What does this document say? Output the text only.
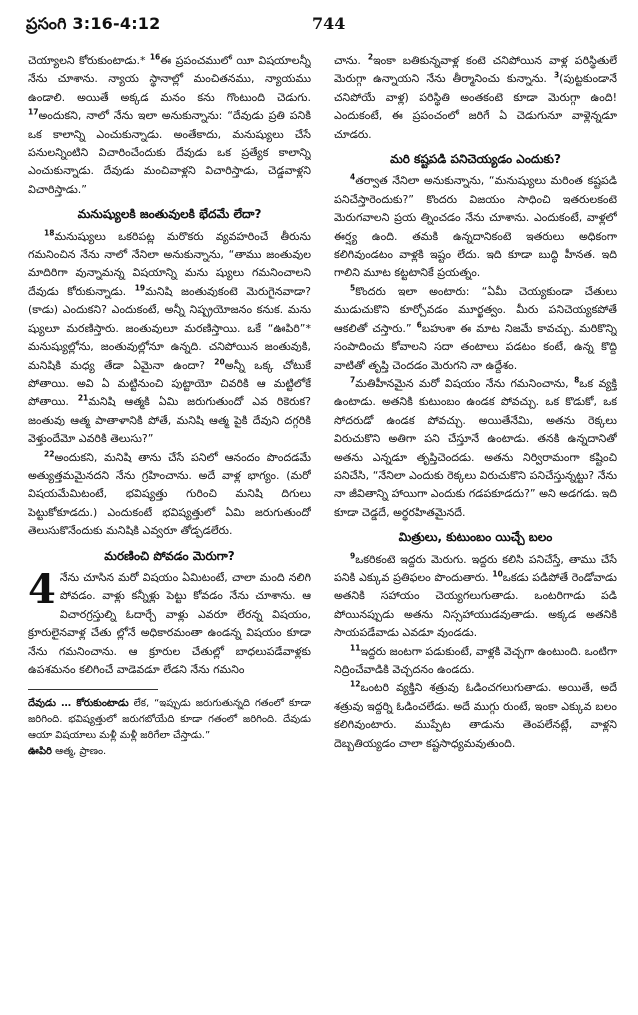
ప్రసంగి 3:16-4:12	744

చెయ్యాలని కోరుకుంటాడు.* $^{16}$ఈ ప్రపంచములో యీ విషయాలన్నీ నేను చూశాను. న్యాయ స్థానాల్లో మంచితనము, న్యాయము ఉండాలి. అయితే అక్కడ మనం కను గొంటుంది చెడుగు. $^{17}$అందుకని, నాలో నేను ఇలా అనుకున్నాను: “దేవుడు ప్రతి పనికి ఒక కాలాన్ని ఎంచుకున్నాడు. అంతేకాదు, మనుష్యులు చేసే పనులన్నింటిని విచారించేందుకు దేవుడు ఒక ప్రత్యేక కాలాన్ని ఎంచుకున్నాడు. దేవుడు మంచివాళ్లని విచారిస్తాడు, చెడ్డవాళ్లని విచారిస్తాడు.”

మనుష్యులకి జంతువులకి భేదమే లేదా?

$^{18}$మనుష్యులు ఒకరిపట్ల మరొకరు వ్యవహరించే తీరును గమనించిన నేను నాలో నేనిలా అనుకున్నాను, “తాము జంతువుల మాదిరిగా వున్నామన్న విషయాన్ని మను ష్యులు గమనించాలని దేవుడు కోరుకున్నాడు. $^{19}$మనిషి జంతువుకంటె మెరుగైనవాడా? (కాడు) ఎందుకని? ఎందుకంటే, అన్నీ నిష్ప్రయోజనం కనుక. మను ష్యులూ మరణిస్తారు. జంతువులూ మరణిస్తాయి. ఒకే “ఊపిరి”* మనుష్యుల్లోను, జంతువుల్లోనూ ఉన్నది. చనిపోయిన జంతువుకి, మనిషికి మధ్య తేడా ఏమైనా ఉందా? $^{20}$అన్నీ ఒక్క చోటుకే పోతాయి. అవి ఏ మట్టినుంచి పుట్టాయో చివరికి ఆ మట్టిలోకే పోతాయి. $^{21}$మనిషి ఆత్మకి ఏమి జరుగుతుందో ఎవ రికెరుక? జంతువు ఆత్మ పాతాళానికి పోతే, మనిషి ఆత్మ పైకి దేవుని దగ్గరికి వెళ్తుందేమో ఎవరికి తెలుసు?”

$^{22}$అందుకని, మనిషి తాను చేసే పనిలో ఆనందం పొందడమే అత్యుత్తమమైనదని నేను గ్రహించాను. అదే వాళ్ల భాగ్యం. (మరో విషయమేమిటంటే, భవిష్యత్తు గురించి మనిషి దిగులు పెట్టుకోకూడదు.) ఎందుకంటే భవిష్యత్తులో ఏమి జరుగుతుందో తెలుసుకొనేందుకు మనిషికి ఎవ్వరూ తోడ్పడలేరు.

మరణించి పోవడం మెరుగా?

4 నేను చూసిన మరో విషయం ఏమిటంటే, చాలా మంది నలిగి పోవడం. వాళ్లు కన్నీళ్లు పెట్టు కోవడం నేను చూశాను. ఆ విచారగ్రస్తుల్ని ఓదార్చే వాళ్లు ఎవరూ లేరన్న విషయం, క్రూరులైనవాళ్ల చేతు ల్లోనే అధికారమంతా ఉండన్న విషయం కూడా నేను గమనించాను. ఆ క్రూరుల చేతుల్లో బాధలుపడేవాళ్లకు ఉపశమనం కలిగించే వాడెవడూ లేడని నేను గమనిం

దేవుడు … కోరుకుంటాడు లేక, “ఇప్పుడు జరుగుతున్నది గతంలో కూడా జరిగింది. భవిష్యత్తులో జరుగబోయేది కూడా గతంలో జరిగింది. దేవుడు ఆయా విషయాలు మళ్లీ మళ్లీ జరిగేలా చేస్తాడు.”

ఊపిరి ఆత్మ, ప్రాణం.

చాను. $^2$ఇంకా బతికున్నవాళ్ల కంటె చనిపోయిన వాళ్ల పరిస్థితులే మెరుగ్గా ఉన్నాయని నేను తీర్మానించు కున్నాను. $^3$(పుట్టకుండానే చనిపోయే వాళ్ల) పరిస్థితి అంతకంటె కూడా మెరుగ్గా ఉంది! ఎందుకంటే, ఈ ప్రపంచంలో జరిగే ఏ చెడుగునూ వాళ్లెన్నడూ చూడరు.

మరి కష్టపడి పనిచెయ్యడం ఎందుకు?

$^4$తర్వాత నేనిలా అనుకున్నాను, “మనుష్యులు మరింత కష్టపడి పనిచేస్తారెందుకు?” కొందరు విజయం సాధించి ఇతరులకంటె మెరుగవాలని ప్రయ త్నించడం నేను చూశాను. ఎందుకంటే, వాళ్లలో ఈర్ష్య ఉంది. తమకి ఉన్నదానికంటె ఇతరులు అధికంగా కలిగివుండటం వాళ్లకి ఇష్టం లేదు. ఇది కూడా బుద్ధి హీనత. ఇది గాలిని మూట కట్టటానికే ప్రయత్నం.

$^5$కొందరు ఇలా అంటారు: “ఏమీ చెయ్యకుండా చేతులు ముడుచుకొని కూర్చోవడం మూర్ఖత్వం. మీరు పనిచెయ్యకపోతే ఆకలితో చస్తారు.” $^6$బహుశా ఈ మాట నిజమే కావచ్చు. మరికొన్ని సంపాదించు కోవాలని సదా తంటాలు పడటం కంటే, ఉన్న కొద్ది వాటితో తృప్తి చెందడం మెరుగని నా ఉద్దేశం.

$^7$మతిహీనమైన మరో విషయం నేను గమనించాను, $^8$ఒక వ్యక్తి ఉంటాడు. అతనికి కుటుంబం ఉండక పోవచ్చు. ఒక కొడుకో, ఒక సోదరుడో ఉండక పోవచ్చు. అయితేనేమి, అతను రెక్కలు విరుచుకొని అతిగా పని చేస్తూనే ఉంటాడు. తనకి ఉన్నదానితో అతను ఎన్నడూ తృప్తిచెందడు. అతను నిర్విరామంగా కష్టించి పనిచేసి, “నేనిలా ఎందుకు రెక్కలు విరుచుకొని పనిచేస్తున్నట్టు? నేను నా జీవితాన్ని హాయిగా ఎందుకు గడపకూడదు?” అని అడగడు. ఇది కూడా చెడ్డదే, అర్థరహితమైనదే.

మిత్రులు, కుటుంబం యిచ్చే బలం

$^9$ఒకరికంటె ఇద్దరు మెరుగు. ఇద్దరు కలిసి పనిచేస్తే, తాము చేసే పనికి ఎక్కువ ప్రతిఫలం పొందుతారు. $^{10}$ఒకడు పడిపోతే రెండోవాడు అతనికి సహాయం చెయ్యగలుగుతాడు. ఒంటరిగాడు పడి పోయినప్పుడు అతను నిస్సహాయుడవుతాడు. అక్కడ అతనికి సాయపడేవాడు ఎవడూ వుండడు.

$^{11}$ఇద్దరు జంటగా పడుకుంటే, వాళ్లకి వెచ్చగా ఉంటుంది. ఒంటిగా నిద్రించేవాడికి వెచ్చదనం ఉండదు.

$^{12}$ఒంటరి వ్యక్తిని శత్రువు ఓడించగలుగుతాడు. అయితే, అదే శత్రువు ఇద్దర్ని ఓడించలేడు. అదే ముగ్గు రుంటే, ఇంకా ఎక్కువ బలం కలిగివుంటారు. ముప్పేట తాడును తెంపలేనట్లే, వాళ్లని దెబ్బతియ్యడం చాలా కష్టసాధ్యమవుతుంది.
